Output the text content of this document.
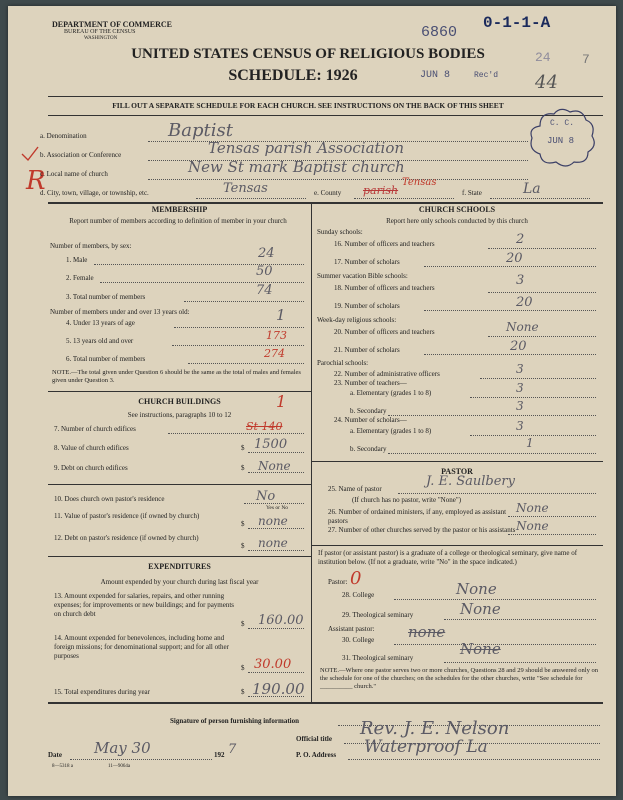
DEPARTMENT OF COMMERCE
BUREAU OF THE CENSUS
WASHINGTON	6860
0-1-1-A
UNITED STATES CENSUS OF RELIGIOUS BODIES
SCHEDULE: 1926	JUN 8	Rec'd
24 7
44
FILL OUT A SEPARATE SCHEDULE FOR EACH CHURCH. SEE INSTRUCTIONS ON THE BACK OF THIS SHEET
C. C.
JUN 8
R
a. Denomination	Baptist
b. Association or Conference	Tensas parish Association
c. Local name of church	New St mark Baptist church
d. City, town, village, or township, etc.	Tensas	e. County parish
Tensas
f. State	La
MEMBERSHIP
Report number of members according to definition of member in your church
Number of members, by sex:
1. Male	24
2. Female	50
3. Total number of members	74
Number of members under and over 13 years old:
4. Under 13 years of age	1
5. 13 years old and over	173
6. Total number of members	274
NOTE.—The total given under Question 6 should be the same as the total of males and females given under Question 3.
CHURCH BUILDINGS
See instructions, paragraphs 10 to 12
1
7. Number of church edifices	St 140
8. Value of church edifices	$ 1500
9. Debt on church edifices	$ None
10. Does church own pastor's residence	No
Yes or No
11. Value of pastor's residence (if owned by church)
$ none
12. Debt on pastor's residence (if owned by church)
$ none
EXPENDITURES
Amount expended by your church during last fiscal year
13. Amount expended for salaries, repairs, and other running expenses; for improvements or new buildings; and for payments on church debt
$ 160.00
14. Amount expended for benevolences, including home and foreign missions; for denominational support; and for all other purposes
$ 30.00
15. Total expenditures during year	$ 190.00
CHURCH SCHOOLS
Report here only schools conducted by this church
Sunday schools:
16. Number of officers and teachers	2
17. Number of scholars	20
Summer vacation Bible schools:
18. Number of officers and teachers	3
19. Number of scholars	20
Week-day religious schools:
20. Number of officers and teachers	None
21. Number of scholars	20
Parochial schools:
22. Number of administrative officers	3
23. Number of teachers—
a. Elementary (grades 1 to 8)	3
b. Secondary	3
24. Number of scholars—
a. Elementary (grades 1 to 8)	3
b. Secondary	1
PASTOR
25. Name of pastor	J. E. Saulbery
(If church has no pastor, write "None")
26. Number of ordained ministers, if any, employed as assistant pastors
None
27. Number of other churches served by the pastor or his assistants None
If pastor (or assistant pastor) is a graduate of a college or theological seminary, give name of institution below. (If not a graduate, write "No" in the space indicated.)
Pastor: 0
28. College	None
29. Theological seminary	None
Assistant pastor:
30. College none
31. Theological seminary	None
NOTE.—Where one pastor serves two or more churches, Questions 28 and 29 should be answered only on the schedule for one of the churches; on the schedules for the other churches, write "See schedule for __________ church."
Signature of person furnishing information
Official title Rev. J. E. Nelson
Date May 30	192 7	P. O. Address Waterproof La
8—5318 a	11—9064a
